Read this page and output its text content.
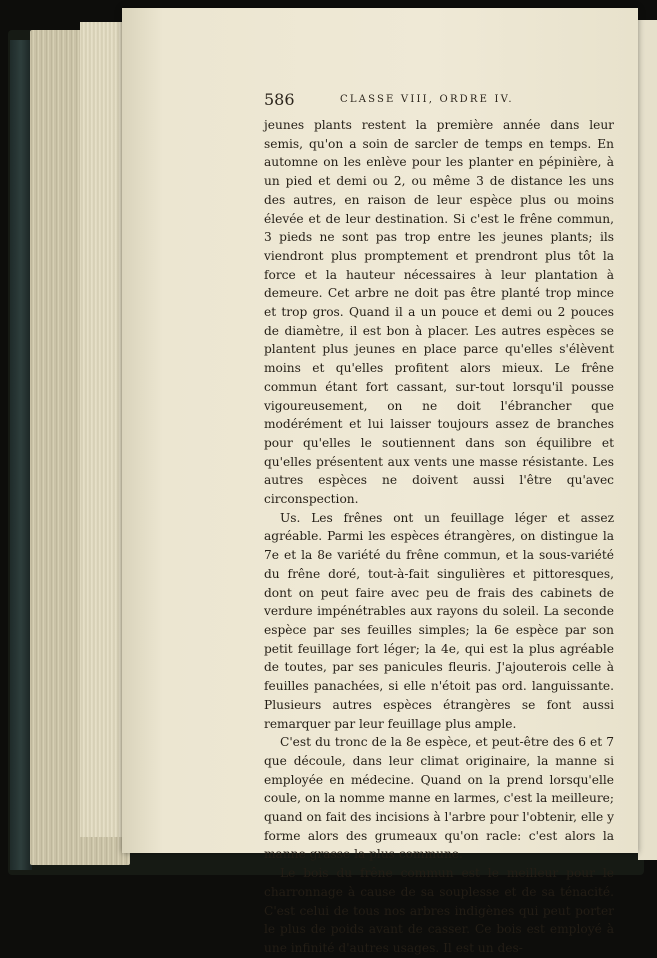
586	CLASSE VIII, ORDRE IV.

jeunes plants restent la première année dans leur semis, qu'on a soin de sarcler de temps en temps. En automne on les enlève pour les planter en pépinière, à un pied et demi ou 2, ou même 3 de distance les uns des autres, en raison de leur espèce plus ou moins élevée et de leur destination. Si c'est le frêne commun, 3 pieds ne sont pas trop entre les jeunes plants; ils viendront plus promptement et prendront plus tôt la force et la hauteur nécessaires à leur plantation à demeure. Cet arbre ne doit pas être planté trop mince et trop gros. Quand il a un pouce et demi ou 2 pouces de diamètre, il est bon à placer. Les autres espèces se plantent plus jeunes en place parce qu'elles s'élèvent moins et qu'elles profitent alors mieux. Le frêne commun étant fort cassant, sur-tout lorsqu'il pousse vigoureusement, on ne doit l'ébrancher que modérément et lui laisser toujours assez de branches pour qu'elles le soutiennent dans son équilibre et qu'elles présentent aux vents une masse résistante. Les autres espèces ne doivent aussi l'être qu'avec circonspection.

Us. Les frênes ont un feuillage léger et assez agréable. Parmi les espèces étrangères, on distingue la 7e et la 8e variété du frêne commun, et la sous-variété du frêne doré, tout-à-fait singulières et pittoresques, dont on peut faire avec peu de frais des cabinets de verdure impénétrables aux rayons du soleil. La seconde espèce par ses feuilles simples; la 6e espèce par son petit feuillage fort léger; la 4e, qui est la plus agréable de toutes, par ses panicules fleuris. J'ajouterois celle à feuilles panachées, si elle n'étoit pas ord. languissante. Plusieurs autres espèces étrangères se font aussi remarquer par leur feuillage plus ample.

C'est du tronc de la 8e espèce, et peut-être des 6 et 7 que découle, dans leur climat originaire, la manne si employée en médecine. Quand on la prend lorsqu'elle coule, on la nomme manne en larmes, c'est la meilleure; quand on fait des incisions à l'arbre pour l'obtenir, elle y forme alors des grumeaux qu'on racle: c'est alors la manne grasse la plus commune.

Le bois du frêne commun est le meilleur pour le charronnage à cause de sa souplesse et de sa ténacité. C'est celui de tous nos arbres indigènes qui peut porter le plus de poids avant de casser. Ce bois est employé à une infinité d'autres usages. Il est un des-
